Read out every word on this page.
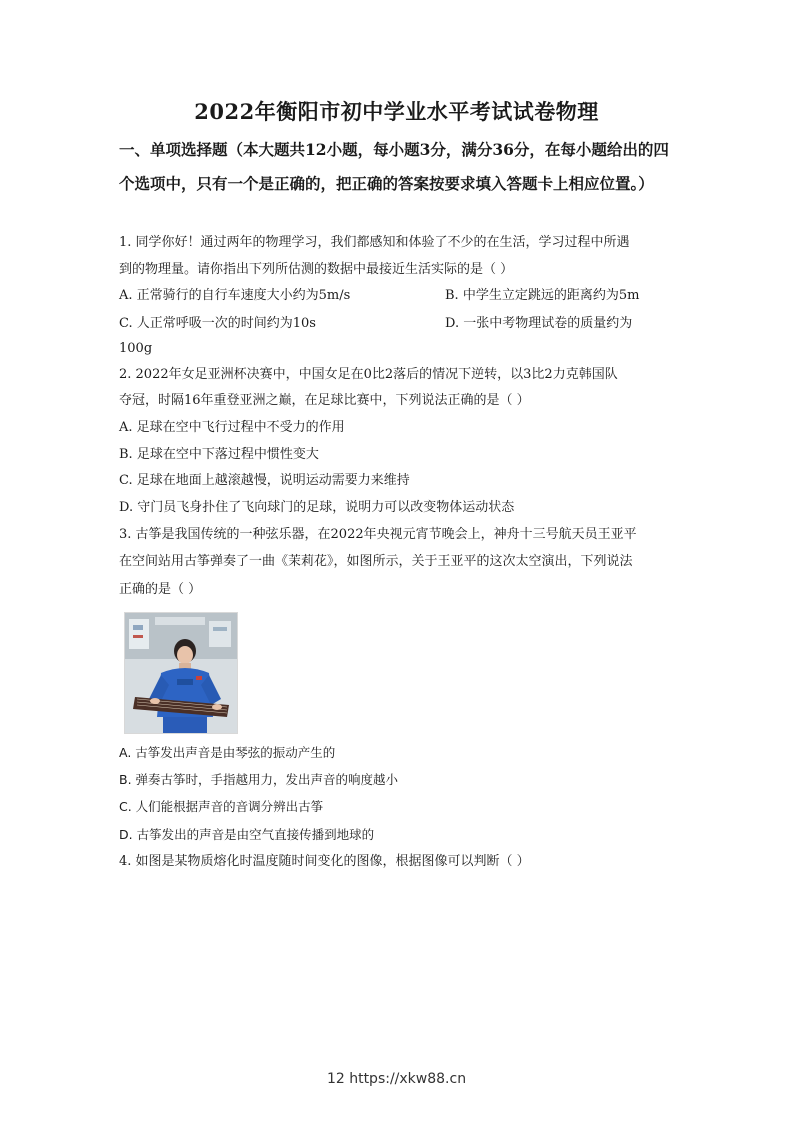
2022年衡阳市初中学业水平考试试卷物理
一、单项选择题（本大题共12小题，每小题3分，满分36分，在每小题给出的四个选项中，只有一个是正确的，把正确的答案按要求填入答题卡上相应位置。）
1. 同学你好！通过两年的物理学习，我们都感知和体验了不少的在生活，学习过程中所遇
到的物理量。请你指出下列所估测的数据中最接近生活实际的是（ ）
A. 正常骑行的自行车速度大小约为5m/s	B. 中学生立定跳远的距离约为5m
C. 人正常呼吸一次的时间约为10s	D. 一张中考物理试卷的质量约为
100g
2. 2022年女足亚洲杯决赛中，中国女足在0比2落后的情况下逆转，以3比2力克韩国队
夺冠，时隔16年重登亚洲之巅，在足球比赛中，下列说法正确的是（ ）
A. 足球在空中飞行过程中不受力的作用
B. 足球在空中下落过程中惯性变大
C. 足球在地面上越滚越慢，说明运动需要力来维持
D. 守门员飞身扑住了飞向球门的足球，说明力可以改变物体运动状态
3. 古筝是我国传统的一种弦乐器，在2022年央视元宵节晚会上，神舟十三号航天员王亚平
在空间站用古筝弹奏了一曲《茉莉花》，如图所示，关于王亚平的这次太空演出，下列说法
正确的是（ ）
A. 古筝发出声音是由琴弦的振动产生的
B. 弹奏古筝时，手指越用力，发出声音的响度越小
C. 人们能根据声音的音调分辨出古筝
D. 古筝发出的声音是由空气直接传播到地球的
4. 如图是某物质熔化时温度随时间变化的图像，根据图像可以判断（ ）
12 https://xkw88.cn
